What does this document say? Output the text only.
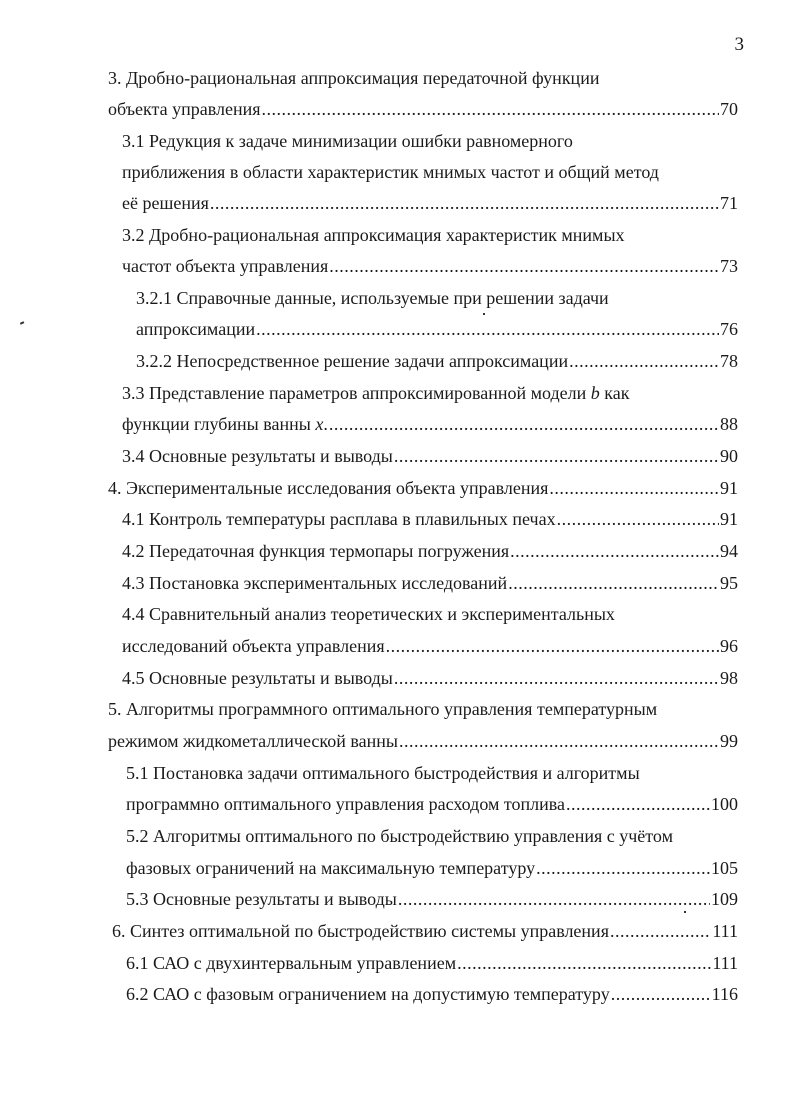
3
3. Дробно-рациональная аппроксимация передаточной функции
объекта управления .....	70
3.1 Редукция к задаче минимизации ошибки равномерного
приближения в области характеристик мнимых частот и общий метод
её решения .....	71
3.2 Дробно-рациональная аппроксимация характеристик мнимых
частот объекта управления .....	73
3.2.1 Справочные данные, используемые при решении задачи
аппроксимации .....	76
3.2.2 Непосредственное решение задачи аппроксимации .....	78
3.3 Представление параметров аппроксимированной модели b как
функции глубины ванны x. .....	88
3.4 Основные результаты и выводы .....	90
4. Экспериментальные исследования объекта управления .....	91
4.1 Контроль температуры расплава в плавильных печах .....	91
4.2 Передаточная функция термопары погружения .....	94
4.3 Постановка экспериментальных исследований .....	95
4.4 Сравнительный анализ теоретических и экспериментальных
исследований объекта управления .....	96
4.5 Основные результаты и выводы .....	98
5. Алгоритмы программного оптимального управления температурным
режимом жидкометаллической ванны .....	99
5.1 Постановка задачи оптимального быстродействия и алгоритмы
программно оптимального управления расходом топлива .....	100
5.2 Алгоритмы оптимального по быстродействию управления с учётом
фазовых ограничений на максимальную температуру .....	105
5.3 Основные результаты и выводы .....	109
6. Синтез оптимальной по быстродействию системы управления .....	111
6.1 САО с двухинтервальным управлением .....	111
6.2 САО с фазовым ограничением на допустимую температуру .....	116
